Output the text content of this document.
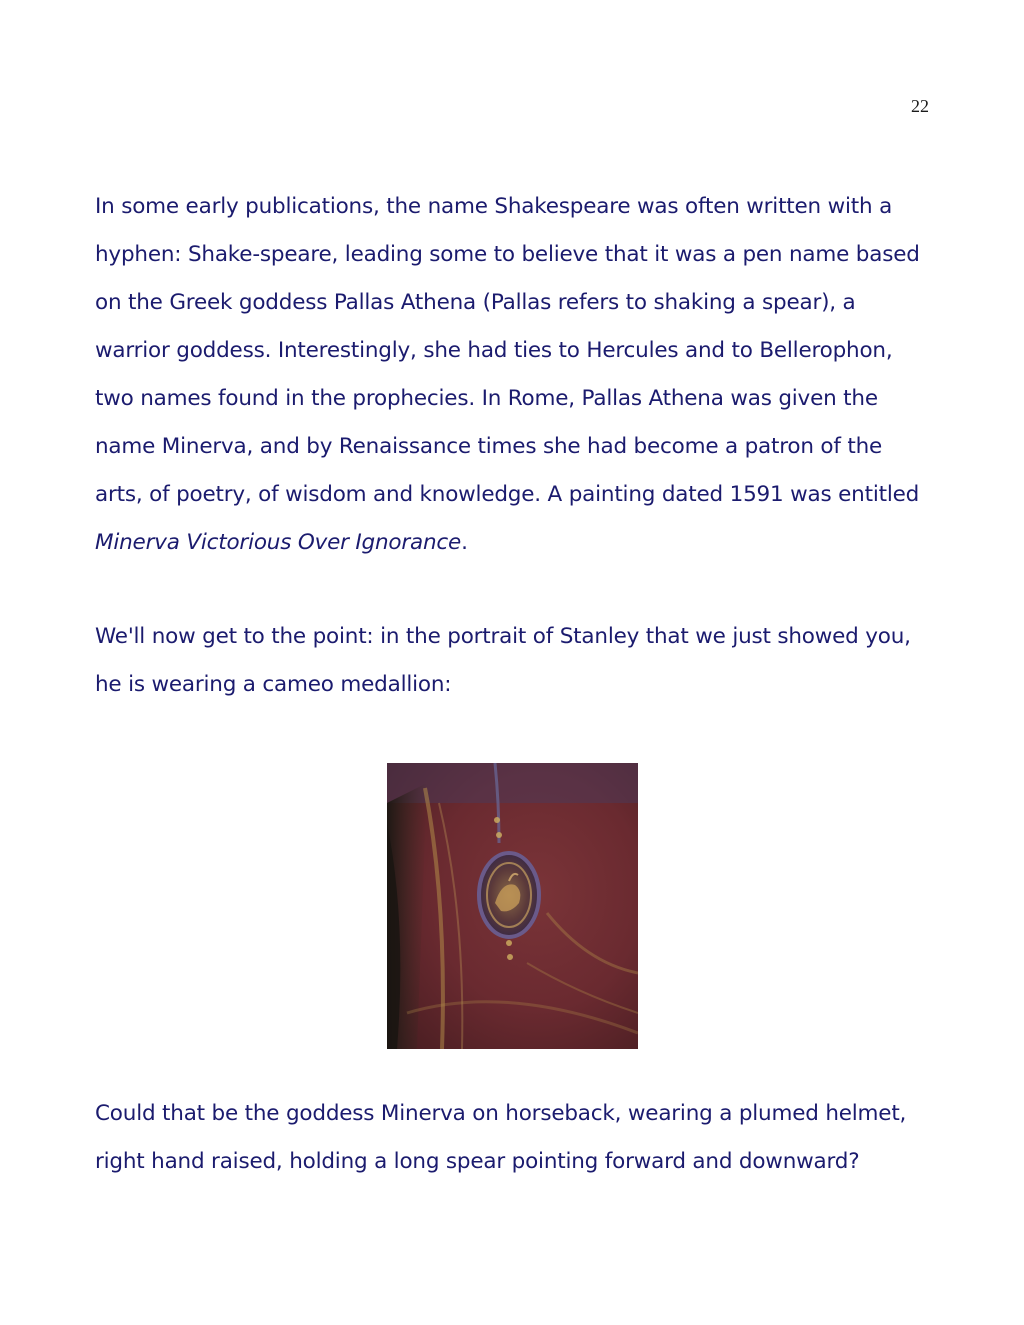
22

In some early publications, the name Shakespeare was often written with a hyphen: Shake-speare, leading some to believe that it was a pen name based on the Greek goddess Pallas Athena (Pallas refers to shaking a spear), a warrior goddess. Interestingly, she had ties to Hercules and to Bellerophon, two names found in the prophecies. In Rome, Pallas Athena was given the name Minerva, and by Renaissance times she had become a patron of the arts, of poetry, of wisdom and knowledge. A painting dated 1591 was entitled Minerva Victorious Over Ignorance.

We'll now get to the point: in the portrait of Stanley that we just showed you, he is wearing a cameo medallion:

Could that be the goddess Minerva on horseback, wearing a plumed helmet, right hand raised, holding a long spear pointing forward and downward?
